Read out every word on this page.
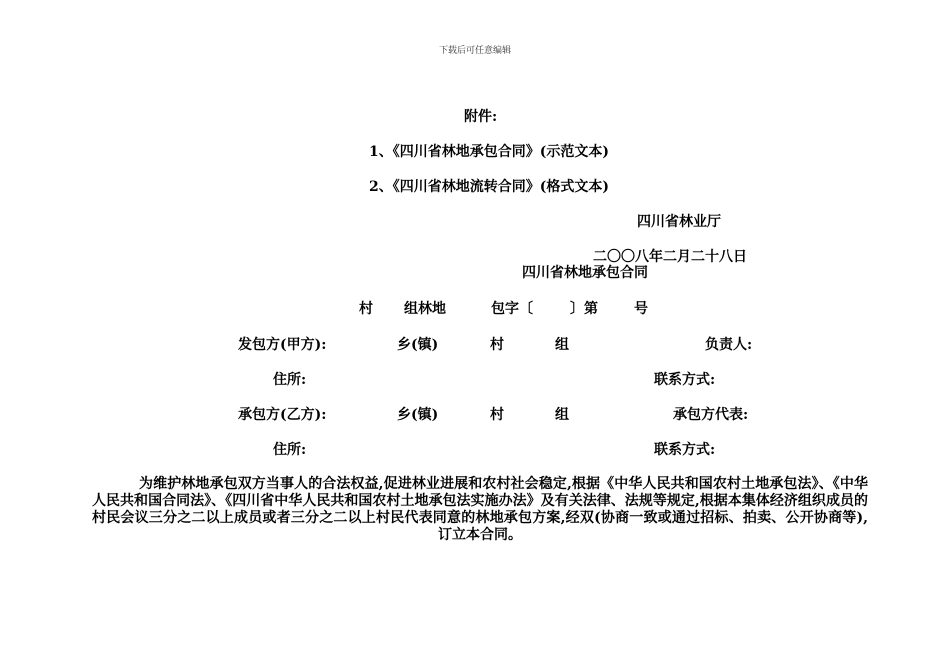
下载后可任意编辑
附件:
1、《四川省林地承包合同》(示范文本)
2、《四川省林地流转合同》(格式文本)
四川省林业厅
二〇〇八年二月二十八日
四川省林地承包合同
村 组林地	包字〔	〕第	号
发包方(甲方):	乡(镇)	村	组	负责人:
住所:	联系方式:
承包方(乙方):	乡(镇)	村	组	承包方代表:
住所:	联系方式:
为维护林地承包双方当事人的合法权益,促进林业进展和农村社会稳定,根据《中华人民共和国农村土地承包法》、《中华人民共和国合同法》、《四川省中华人民共和国农村土地承包法实施办法》及有关法律、法规等规定,根据本集体经济组织成员的村民会议三分之二以上成员或者三分之二以上村民代表同意的林地承包方案,经双(协商一致或通过招标、拍卖、公开协商等),订立本合同。
